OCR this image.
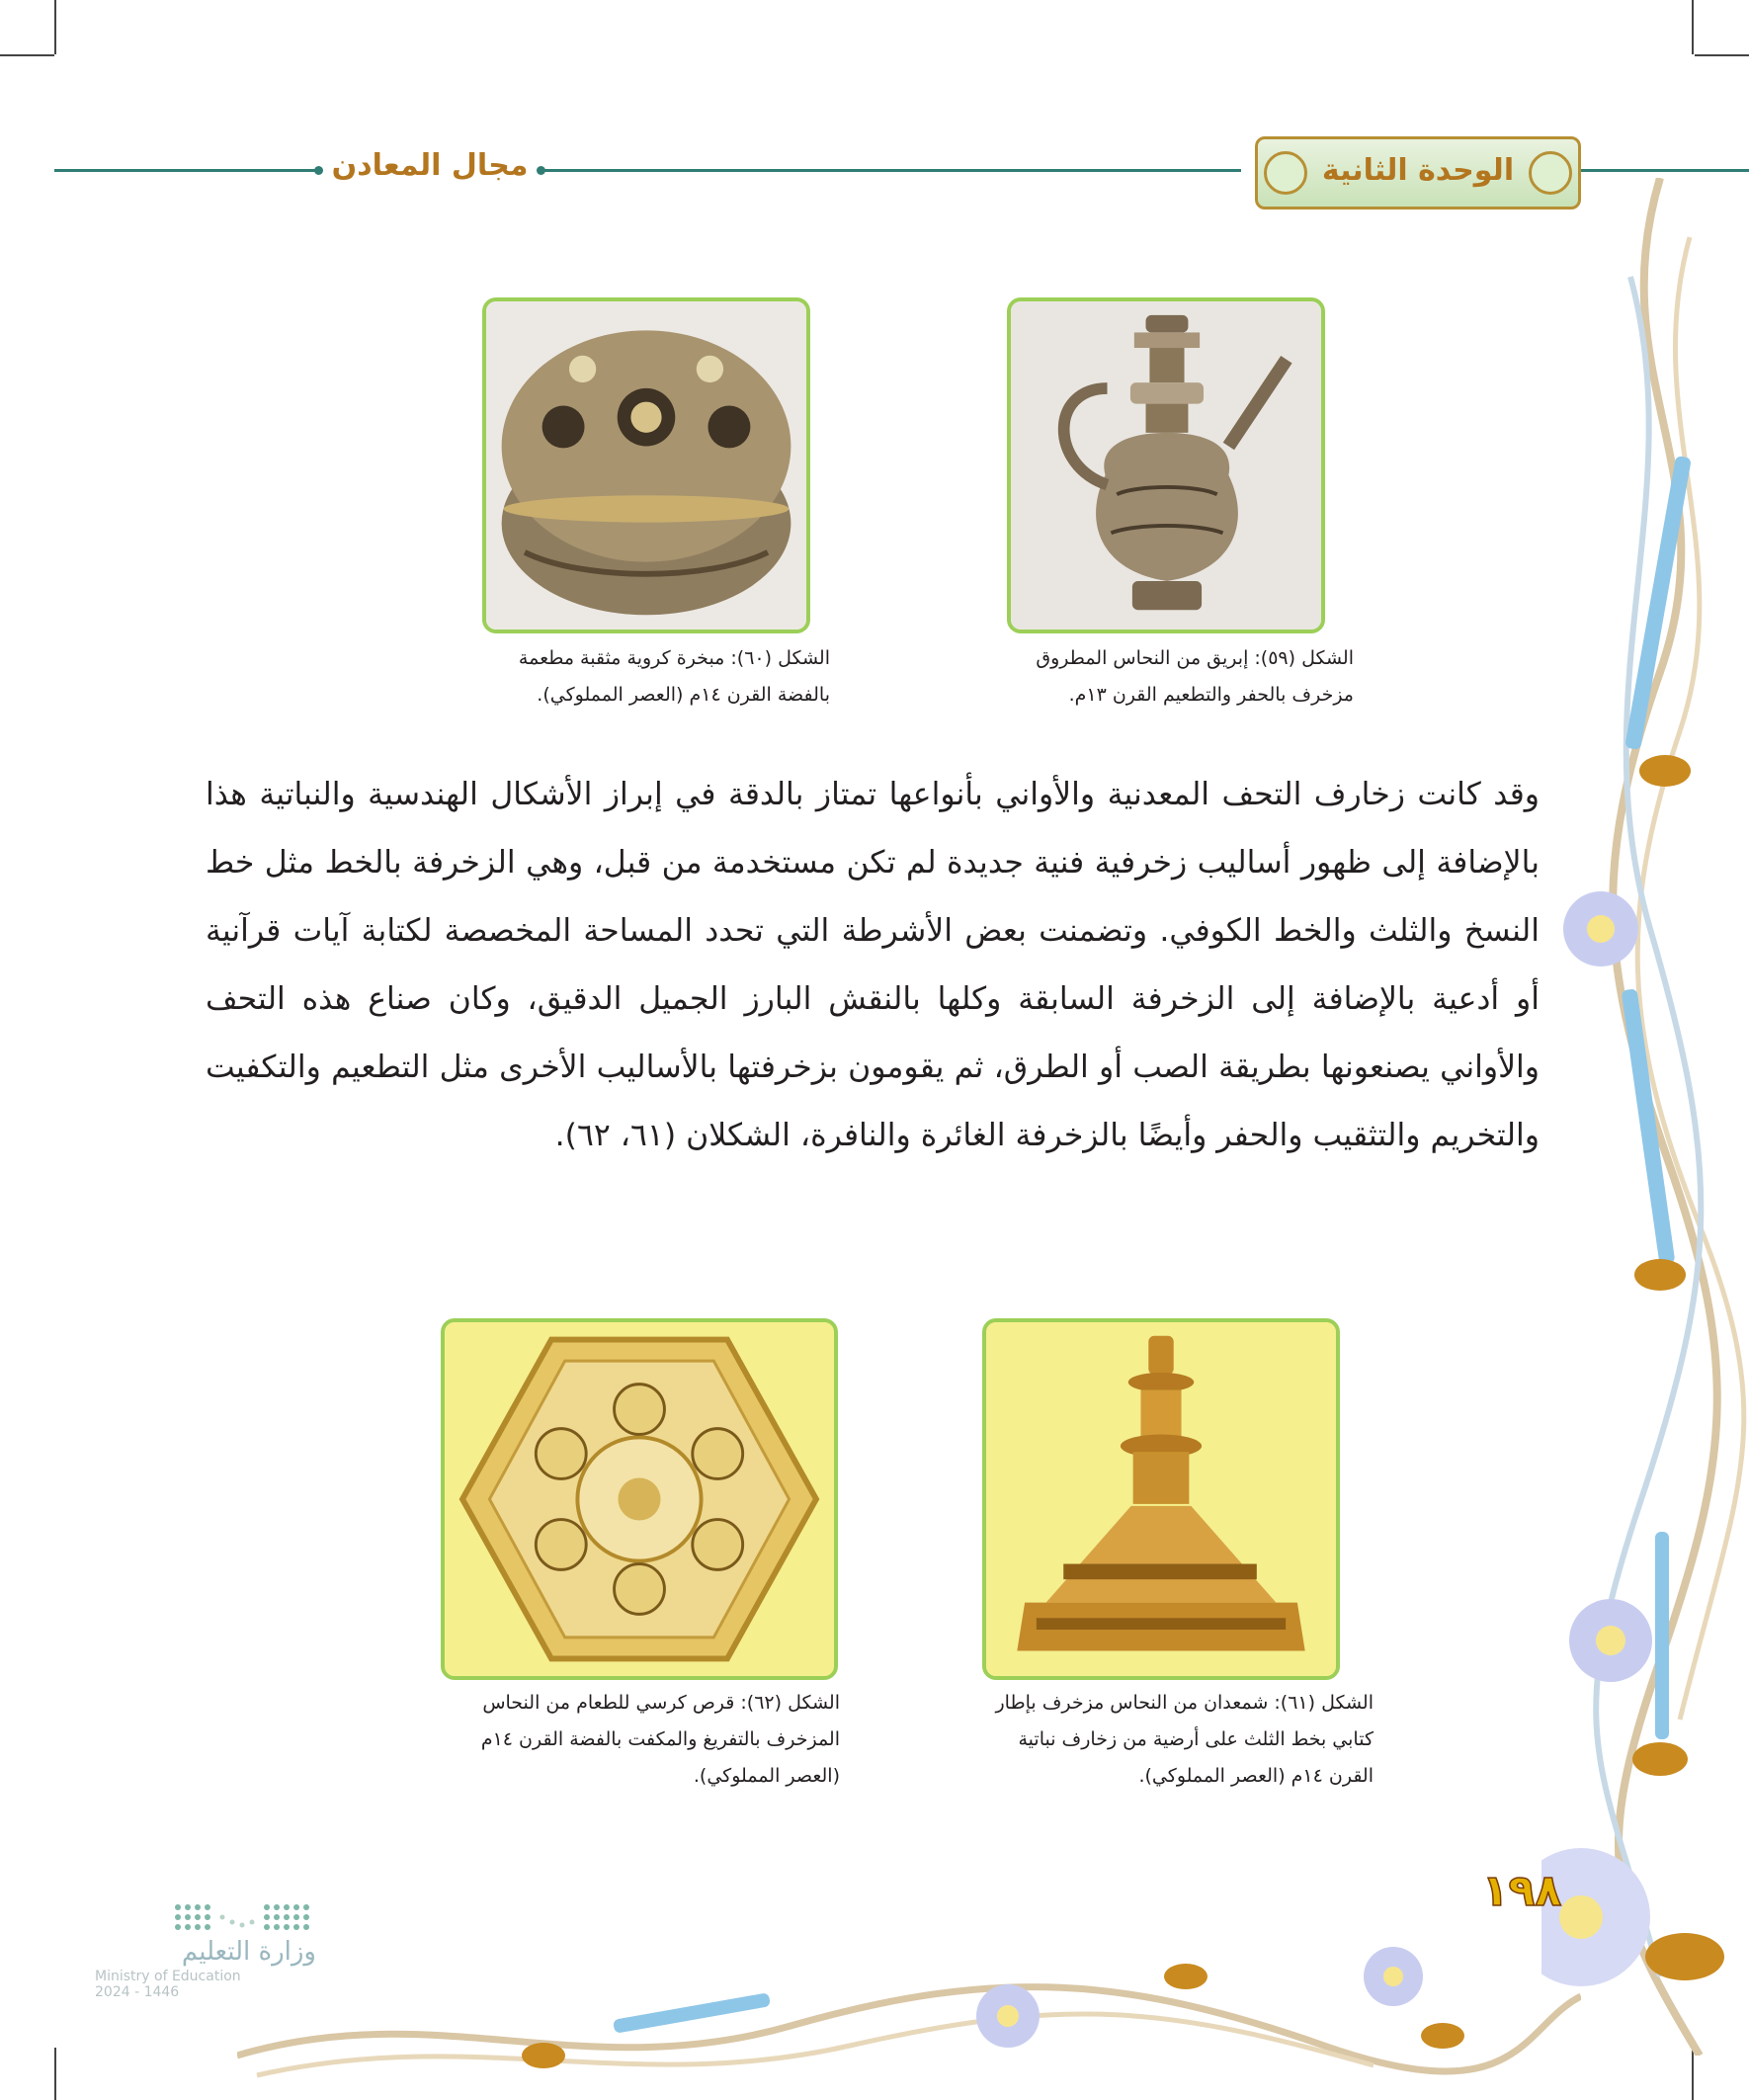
مجال المعادن	الوحدة الثانية
الشكل (٥٩): إبريق من النحاس المطروق
مزخرف بالحفر والتطعيم القرن ١٣م.
الشكل (٦٠): مبخرة كروية مثقبة مطعمة
بالفضة القرن ١٤م (العصر المملوكي).
وقد كانت زخارف التحف المعدنية والأواني بأنواعها تمتاز بالدقة في إبراز الأشكال الهندسية والنباتية هذا بالإضافة إلى ظهور أساليب زخرفية فنية جديدة لم تكن مستخدمة من قبل، وهي الزخرفة بالخط مثل خط النسخ والثلث والخط الكوفي. وتضمنت بعض الأشرطة التي تحدد المساحة المخصصة لكتابة آيات قرآنية أو أدعية بالإضافة إلى الزخرفة السابقة وكلها بالنقش البارز الجميل الدقيق، وكان صناع هذه التحف والأواني يصنعونها بطريقة الصب أو الطرق، ثم يقومون بزخرفتها بالأساليب الأخرى مثل التطعيم والتكفيت والتخريم والتثقيب والحفر وأيضًا بالزخرفة الغائرة والنافرة، الشكلان (٦١، ٦٢).
الشكل (٦١): شمعدان من النحاس مزخرف بإطار
كتابي بخط الثلث على أرضية من زخارف نباتية
القرن ١٤م (العصر المملوكي).
الشكل (٦٢): قرص كرسي للطعام من النحاس
المزخرف بالتفريغ والمكفت بالفضة القرن ١٤م
(العصر المملوكي).
١٩٨
وزارة التعليم
Ministry of Education
2024 - 1446
